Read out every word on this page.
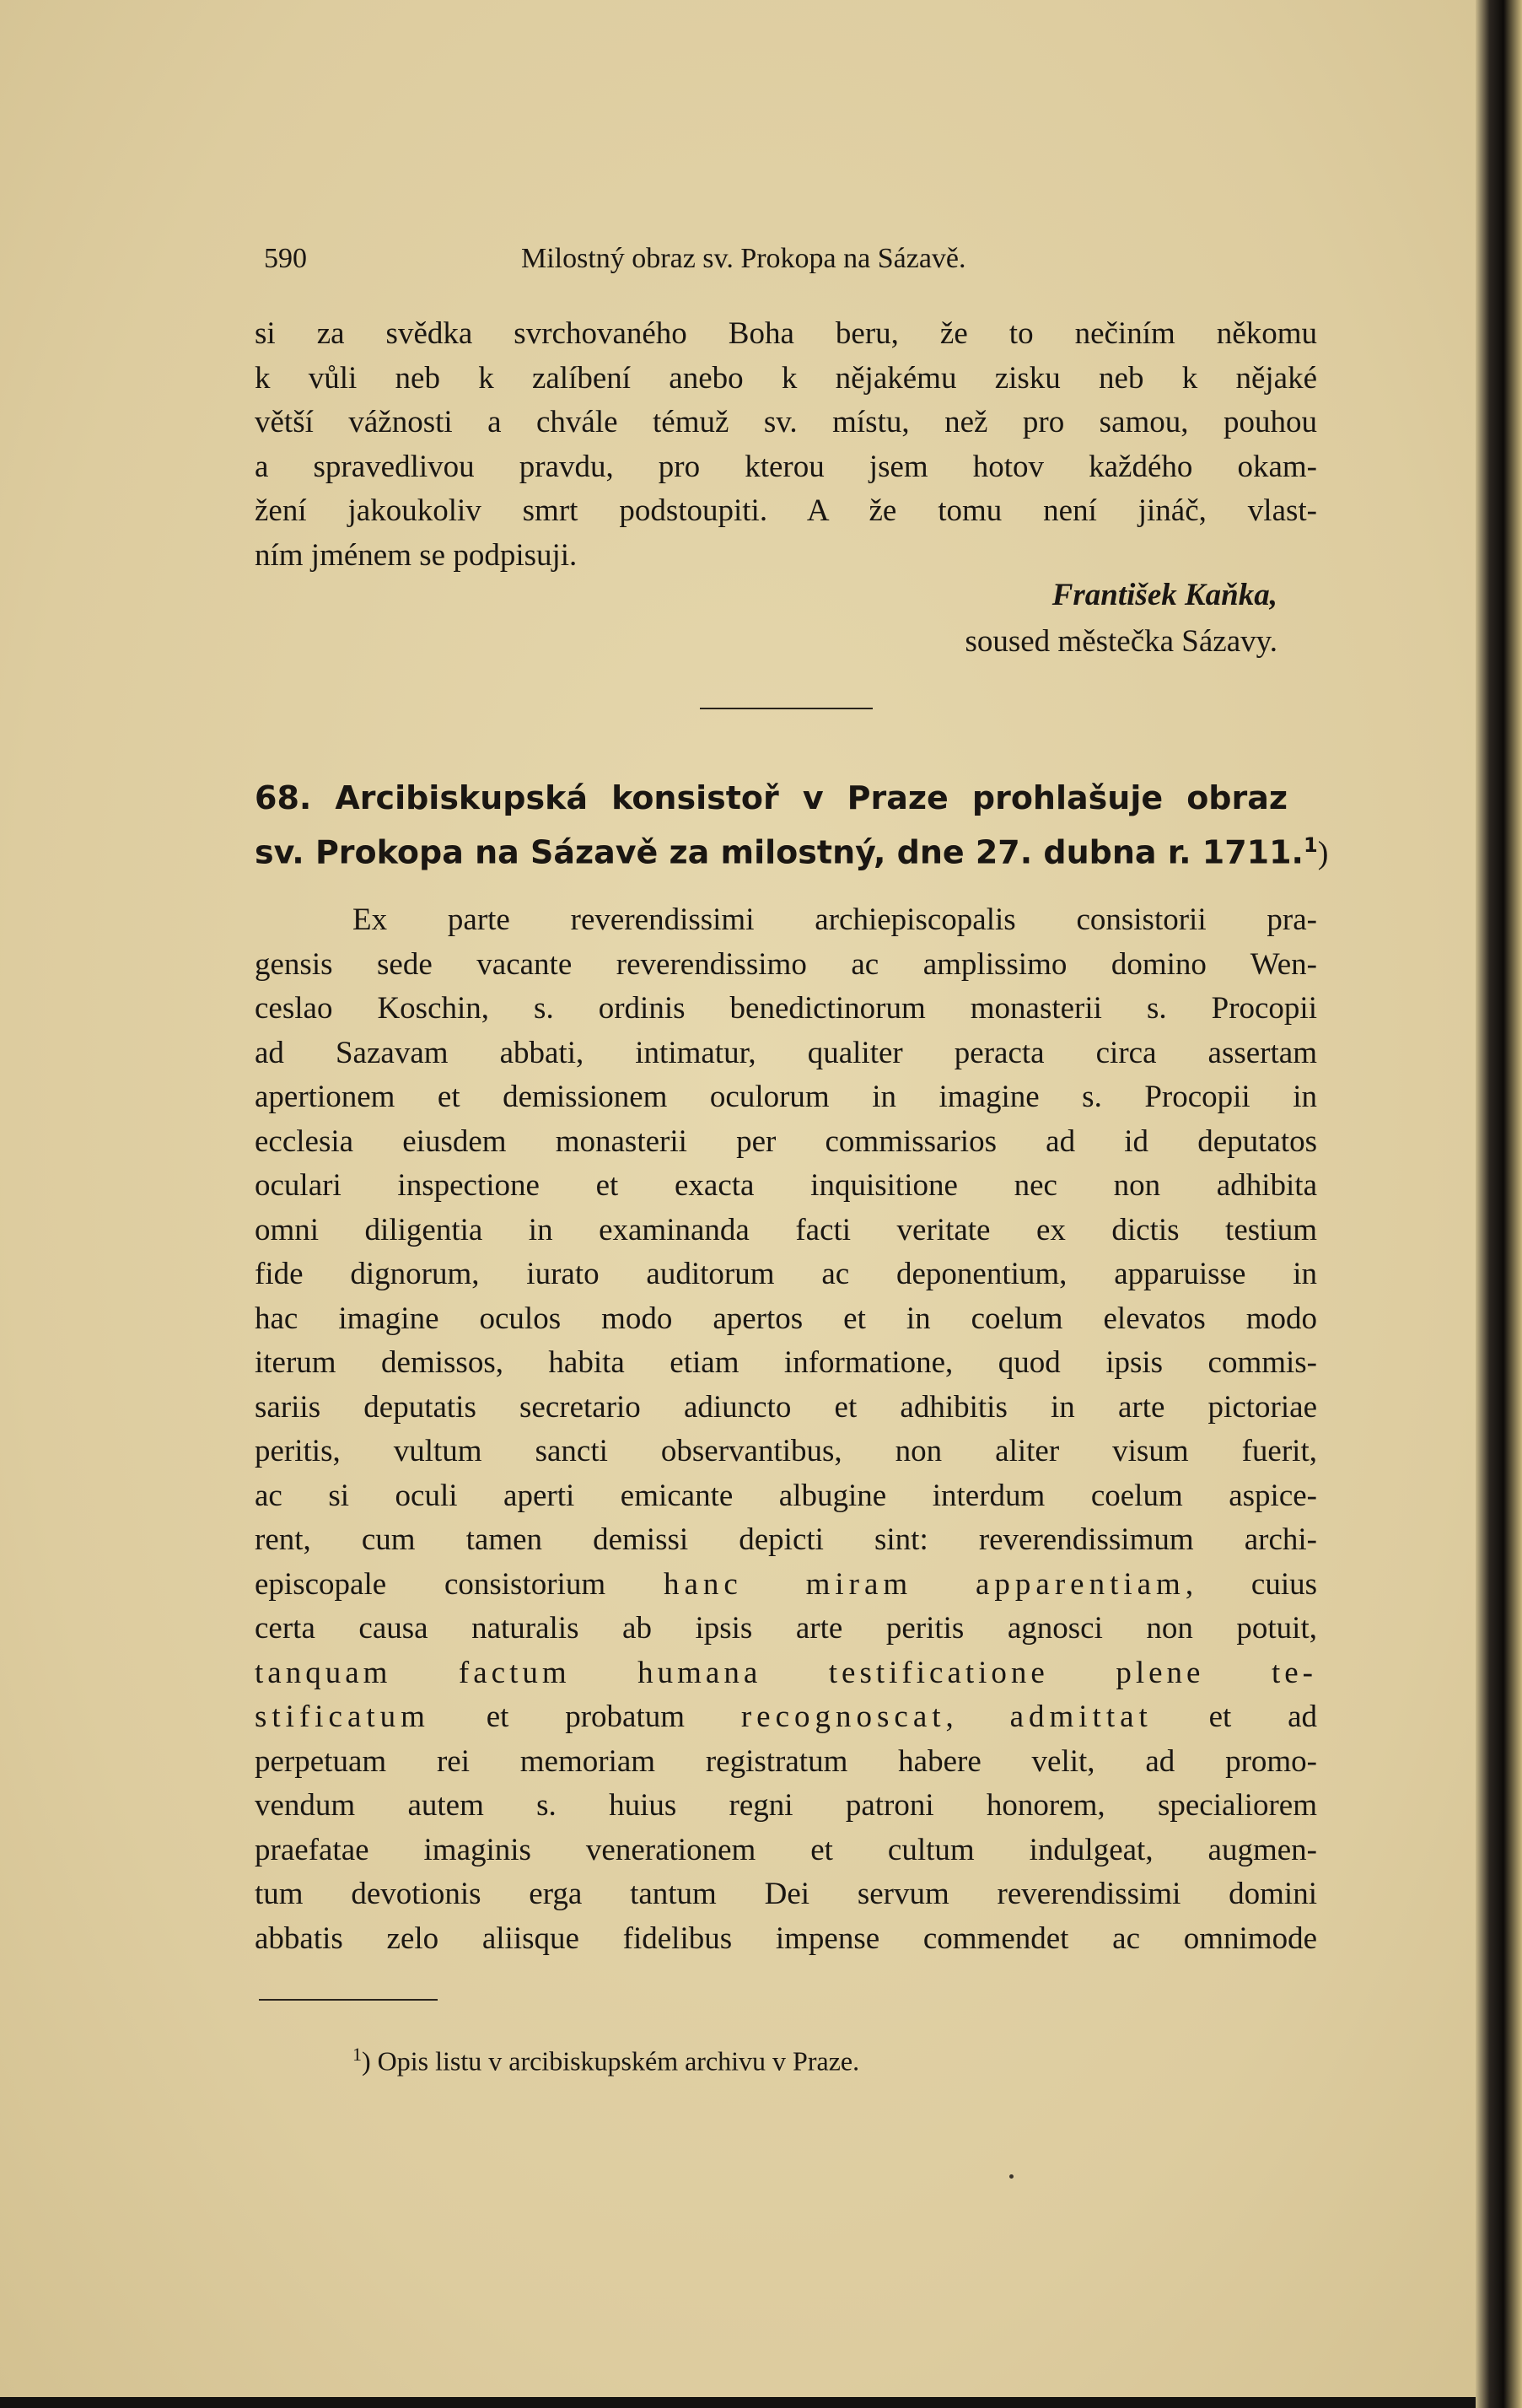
590	Milostný obraz sv. Prokopa na Sázavě.
si za svědka svrchovaného Boha beru, že to nečiním někomu
k vůli neb k zalíbení anebo k nějakému zisku neb k nějaké
větší vážnosti a chvále témuž sv. místu, než pro samou, pouhou
a spravedlivou pravdu, pro kterou jsem hotov každého okam-
žení jakoukoliv smrt podstoupiti. A že tomu není jináč, vlast-
ním jménem se podpisuji.
František Kaňka,
soused městečka Sázavy.
68. Arcibiskupská konsistoř v Praze prohlašuje obraz
sv. Prokopa na Sázavě za milostný, dne 27. dubna r. 1711.$^1$)
Ex parte reverendissimi archiepiscopalis consistorii pra-
gensis sede vacante reverendissimo ac amplissimo domino Wen-
ceslao Koschin, s. ordinis benedictinorum monasterii s. Procopii
ad Sazavam abbati, intimatur, qualiter peracta circa assertam
apertionem et demissionem oculorum in imagine s. Procopii in
ecclesia eiusdem monasterii per commissarios ad id deputatos
oculari inspectione et exacta inquisitione nec non adhibita
omni diligentia in examinanda facti veritate ex dictis testium
fide dignorum, iurato auditorum ac deponentium, apparuisse in
hac imagine oculos modo apertos et in coelum elevatos modo
iterum demissos, habita etiam informatione, quod ipsis commis-
sariis deputatis secretario adiuncto et adhibitis in arte pictoriae
peritis, vultum sancti observantibus, non aliter visum fuerit,
ac si oculi aperti emicante albugine interdum coelum aspice-
rent, cum tamen demissi depicti sint: reverendissimum archi-
episcopale consistorium hanc miram apparentiam, cuius
certa causa naturalis ab ipsis arte peritis agnosci non potuit,
tanquam factum humana testificatione plene te-
stificatum et probatum recognoscat, admittat et ad
perpetuam rei memoriam registratum habere velit, ad promo-
vendum autem s. huius regni patroni honorem, specialiorem
praefatae imaginis venerationem et cultum indulgeat, augmen-
tum devotionis erga tantum Dei servum reverendissimi domini
abbatis zelo aliisque fidelibus impense commendet ac omnimode
$^1$) Opis listu v arcibiskupském archivu v Praze.
